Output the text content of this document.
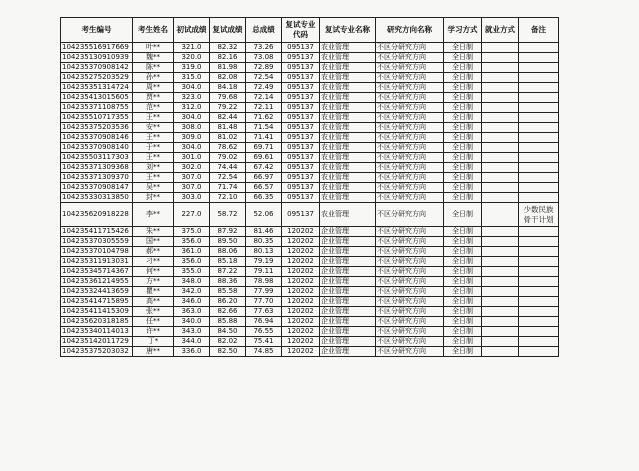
考生编号	考生姓名	初试成绩	复试成绩	总成绩	复试专业代码	复试专业名称	研究方向名称	学习方式	就业方式	备注
104235516917669	叶**	321.0	82.32	73.26	095137	农业管理	不区分研究方向	全日制		
104235130910939	魏**	320.0	82.16	73.08	095137	农业管理	不区分研究方向	全日制		
104235370908142	陈**	319.0	81.98	72.89	095137	农业管理	不区分研究方向	全日制		
104235275203529	孙**	315.0	82.08	72.54	095137	农业管理	不区分研究方向	全日制		
104235351314724	周**	304.0	84.18	72.49	095137	农业管理	不区分研究方向	全日制		
104235413015605	贾**	323.0	79.68	72.14	095137	农业管理	不区分研究方向	全日制		
104235371108755	范**	312.0	79.22	72.11	095137	农业管理	不区分研究方向	全日制		
104235510717355	王**	304.0	82.44	71.62	095137	农业管理	不区分研究方向	全日制		
104235375203536	安**	308.0	81.48	71.54	095137	农业管理	不区分研究方向	全日制		
104235370908146	王**	309.0	81.02	71.41	095137	农业管理	不区分研究方向	全日制		
104235370908140	于**	304.0	78.62	69.71	095137	农业管理	不区分研究方向	全日制		
104235503117303	王**	301.0	79.02	69.61	095137	农业管理	不区分研究方向	全日制		
104235371309368	刘**	302.0	74.44	67.42	095137	农业管理	不区分研究方向	全日制		
104235371309370	王**	307.0	72.54	66.97	095137	农业管理	不区分研究方向	全日制		
104235370908147	吴**	307.0	71.74	66.57	095137	农业管理	不区分研究方向	全日制		
104235330313850	封**	303.0	72.10	66.35	095137	农业管理	不区分研究方向	全日制		
104235620918228	李**	227.0	58.72	52.06	095137	农业管理	不区分研究方向	全日制		少数民族骨干计划
104235411715426	朱**	375.0	87.92	81.46	120202	企业管理	不区分研究方向	全日制		
104235370305559	国**	356.0	89.50	80.35	120202	企业管理	不区分研究方向	全日制		
104235370104798	郝**	361.0	88.06	80.13	120202	企业管理	不区分研究方向	全日制		
104235311913031	刁**	356.0	85.18	79.19	120202	企业管理	不区分研究方向	全日制		
104235345714367	何**	355.0	87.22	79.11	120202	企业管理	不区分研究方向	全日制		
104235361214955	方**	348.0	88.36	78.98	120202	企业管理	不区分研究方向	全日制		
104235324413659	瞿**	342.0	85.58	77.99	120202	企业管理	不区分研究方向	全日制		
104235414715895	高**	346.0	86.20	77.70	120202	企业管理	不区分研究方向	全日制		
104235411415309	张**	363.0	82.66	77.63	120202	企业管理	不区分研究方向	全日制		
104235620318185	任**	340.0	85.88	76.94	120202	企业管理	不区分研究方向	全日制		
104235340114013	许**	343.0	84.50	76.55	120202	企业管理	不区分研究方向	全日制		
104235142011729	丁*	344.0	82.02	75.41	120202	企业管理	不区分研究方向	全日制		
104235375203032	唐**	336.0	82.50	74.85	120202	企业管理	不区分研究方向	全日制		
